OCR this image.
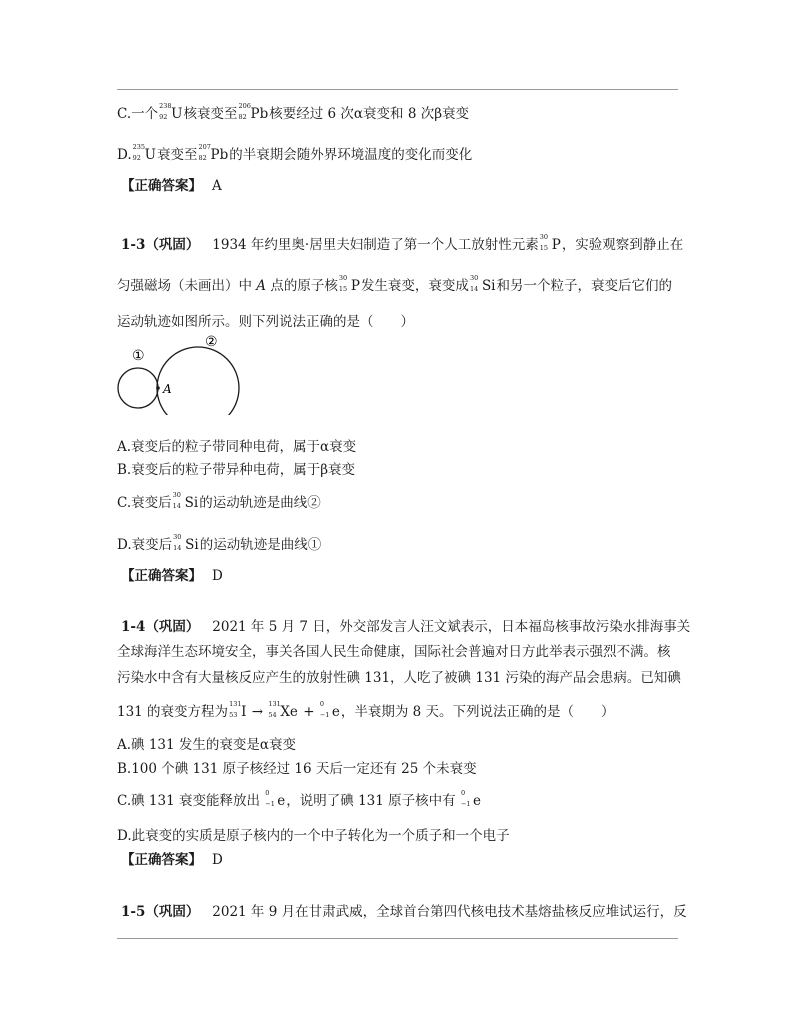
C.一个 238
92 U核衰变至 206
82 Pb核要经过 6 次α衰变和 8 次β衰变
D. 235
92 U衰变至 207
82 Pb的半衰期会随外界环境温度的变化而变化
【正确答案】 A
1-3（巩固） 1934 年约里奥·居里夫妇制造了第一个人工放射性元素 30
15 P，实验观察到静止在
匀强磁场（未画出）中 A 点的原子核 30
15 P发生衰变，衰变成 30
14 Si和另一个粒子，衰变后它们的
运动轨迹如图所示。则下列说法正确的是（　　）
①
②
A
A.衰变后的粒子带同种电荷，属于α衰变
B.衰变后的粒子带异种电荷，属于β衰变
C.衰变后 30
14 Si的运动轨迹是曲线②
D.衰变后 30
14 Si的运动轨迹是曲线①
【正确答案】 D
1-4（巩固） 2021 年 5 月 7 日，外交部发言人汪文斌表示，日本福岛核事故污染水排海事关
全球海洋生态环境安全，事关各国人民生命健康，国际社会普遍对日方此举表示强烈不满。核
污染水中含有大量核反应产生的放射性碘 131，人吃了被碘 131 污染的海产品会患病。已知碘
131 的衰变方程为 131
53 I → 131
54 Xe + 0
−1 e，半衰期为 8 天。下列说法正确的是（　　）
A.碘 131 发生的衰变是α衰变
B.100 个碘 131 原子核经过 16 天后一定还有 25 个未衰变
C.碘 131 衰变能释放出 0
−1 e，说明了碘 131 原子核中有 0
−1 e
D.此衰变的实质是原子核内的一个中子转化为一个质子和一个电子
【正确答案】 D
1-5（巩固） 2021 年 9 月在甘肃武威，全球首台第四代核电技术基熔盐核反应堆试运行，反
